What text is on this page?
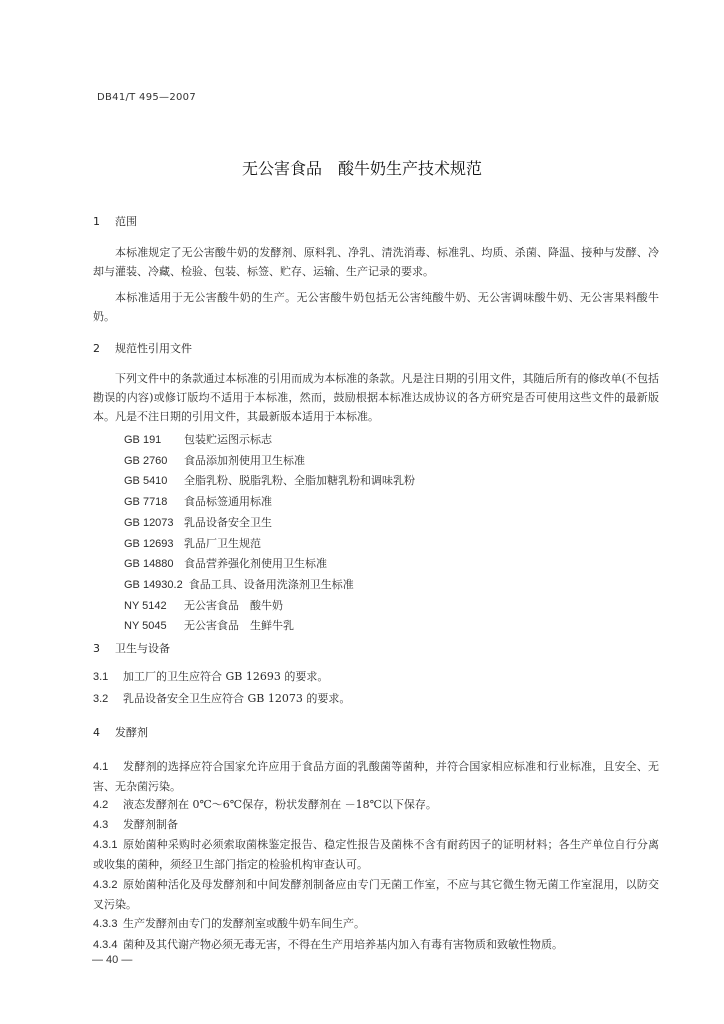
DB41/T 495—2007
无公害食品　酸牛奶生产技术规范
1 范围
本标准规定了无公害酸牛奶的发酵剂、原料乳、净乳、清洗消毒、标准乳、均质、杀菌、降温、接种与发酵、冷却与灌装、冷藏、检验、包装、标签、贮存、运输、生产记录的要求。
本标准适用于无公害酸牛奶的生产。无公害酸牛奶包括无公害纯酸牛奶、无公害调味酸牛奶、无公害果料酸牛奶。
2 规范性引用文件
下列文件中的条款通过本标准的引用而成为本标准的条款。凡是注日期的引用文件，其随后所有的修改单(不包括勘误的内容)或修订版均不适用于本标准，然而，鼓励根据本标准达成协议的各方研究是否可使用这些文件的最新版本。凡是不注日期的引用文件，其最新版本适用于本标准。
GB 191 包装贮运图示标志
GB 2760 食品添加剂使用卫生标准
GB 5410 全脂乳粉、脱脂乳粉、全脂加糖乳粉和调味乳粉
GB 7718 食品标签通用标准
GB 12073 乳品设备安全卫生
GB 12693 乳品厂卫生规范
GB 14880 食品营养强化剂使用卫生标准
GB 14930.2 食品工具、设备用洗涤剂卫生标准
NY 5142 无公害食品　酸牛奶
NY 5045 无公害食品　生鲜牛乳
3 卫生与设备
3.1 加工厂的卫生应符合 GB 12693 的要求。
3.2 乳品设备安全卫生应符合 GB 12073 的要求。
4 发酵剂
4.1 发酵剂的选择应符合国家允许应用于食品方面的乳酸菌等菌种，并符合国家相应标准和行业标准，且安全、无害、无杂菌污染。
4.2 液态发酵剂在 0℃～6℃保存，粉状发酵剂在 －18℃以下保存。
4.3 发酵剂制备
4.3.1 原始菌种采购时必须索取菌株鉴定报告、稳定性报告及菌株不含有耐药因子的证明材料；各生产单位自行分离或收集的菌种，须经卫生部门指定的检验机构审查认可。
4.3.2 原始菌种活化及母发酵剂和中间发酵剂制备应由专门无菌工作室，不应与其它微生物无菌工作室混用，以防交叉污染。
4.3.3 生产发酵剂由专门的发酵剂室或酸牛奶车间生产。
4.3.4 菌种及其代谢产物必须无毒无害，不得在生产用培养基内加入有毒有害物质和致敏性物质。
— 40 —
